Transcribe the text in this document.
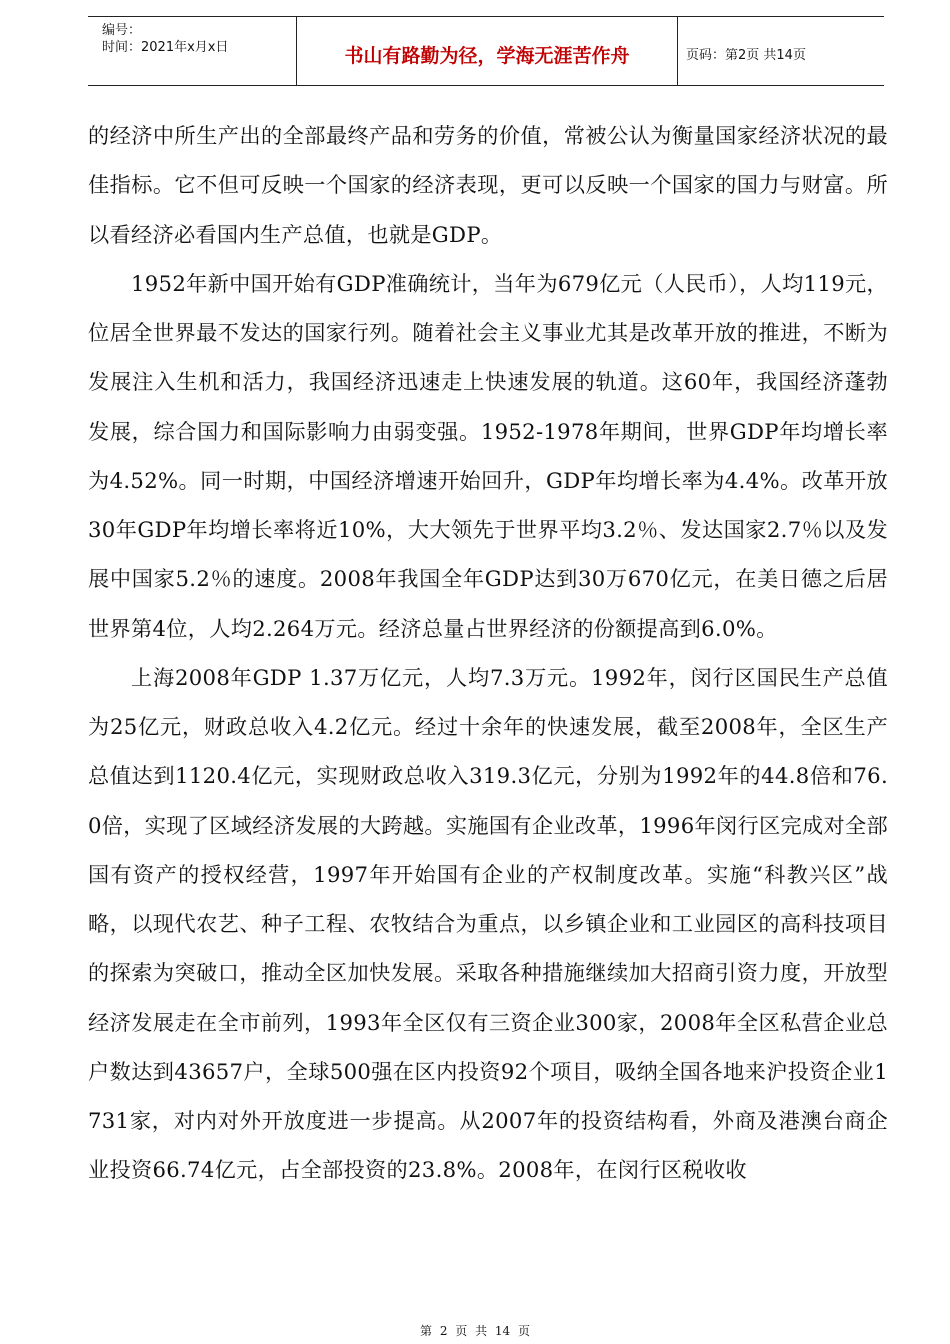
编号：
时间：2021年x月x日	书山有路勤为径，学海无涯苦作舟	页码：第2页 共14页

的经济中所生产出的全部最终产品和劳务的价值，常被公认为衡量国家经济状况的最佳指标。它不但可反映一个国家的经济表现，更可以反映一个国家的国力与财富。所以看经济必看国内生产总值，也就是GDP。

1952年新中国开始有GDP准确统计，当年为679亿元（人民币），人均119元，位居全世界最不发达的国家行列。随着社会主义事业尤其是改革开放的推进，不断为发展注入生机和活力，我国经济迅速走上快速发展的轨道。这60年，我国经济蓬勃发展，综合国力和国际影响力由弱变强。1952-1978年期间，世界GDP年均增长率为4.52%。同一时期，中国经济增速开始回升，GDP年均增长率为4.4%。改革开放30年GDP年均增长率将近10%，大大领先于世界平均3.2％、发达国家2.7％以及发展中国家5.2％的速度。2008年我国全年GDP达到30万670亿元，在美日德之后居世界第4位，人均2.264万元。经济总量占世界经济的份额提高到6.0%。

上海2008年GDP 1.37万亿元，人均7.3万元。1992年，闵行区国民生产总值为25亿元，财政总收入4.2亿元。经过十余年的快速发展，截至2008年，全区生产总值达到1120.4亿元，实现财政总收入319.3亿元，分别为1992年的44.8倍和76.0倍，实现了区域经济发展的大跨越。实施国有企业改革，1996年闵行区完成对全部国有资产的授权经营，1997年开始国有企业的产权制度改革。实施“科教兴区”战略，以现代农艺、种子工程、农牧结合为重点，以乡镇企业和工业园区的高科技项目的探索为突破口，推动全区加快发展。采取各种措施继续加大招商引资力度，开放型经济发展走在全市前列，1993年全区仅有三资企业300家，2008年全区私营企业总户数达到43657户，全球500强在区内投资92个项目，吸纳全国各地来沪投资企业1731家，对内对外开放度进一步提高。从2007年的投资结构看，外商及港澳台商企业投资66.74亿元，占全部投资的23.8%。2008年，在闵行区税收收

第 2 页 共 14 页
